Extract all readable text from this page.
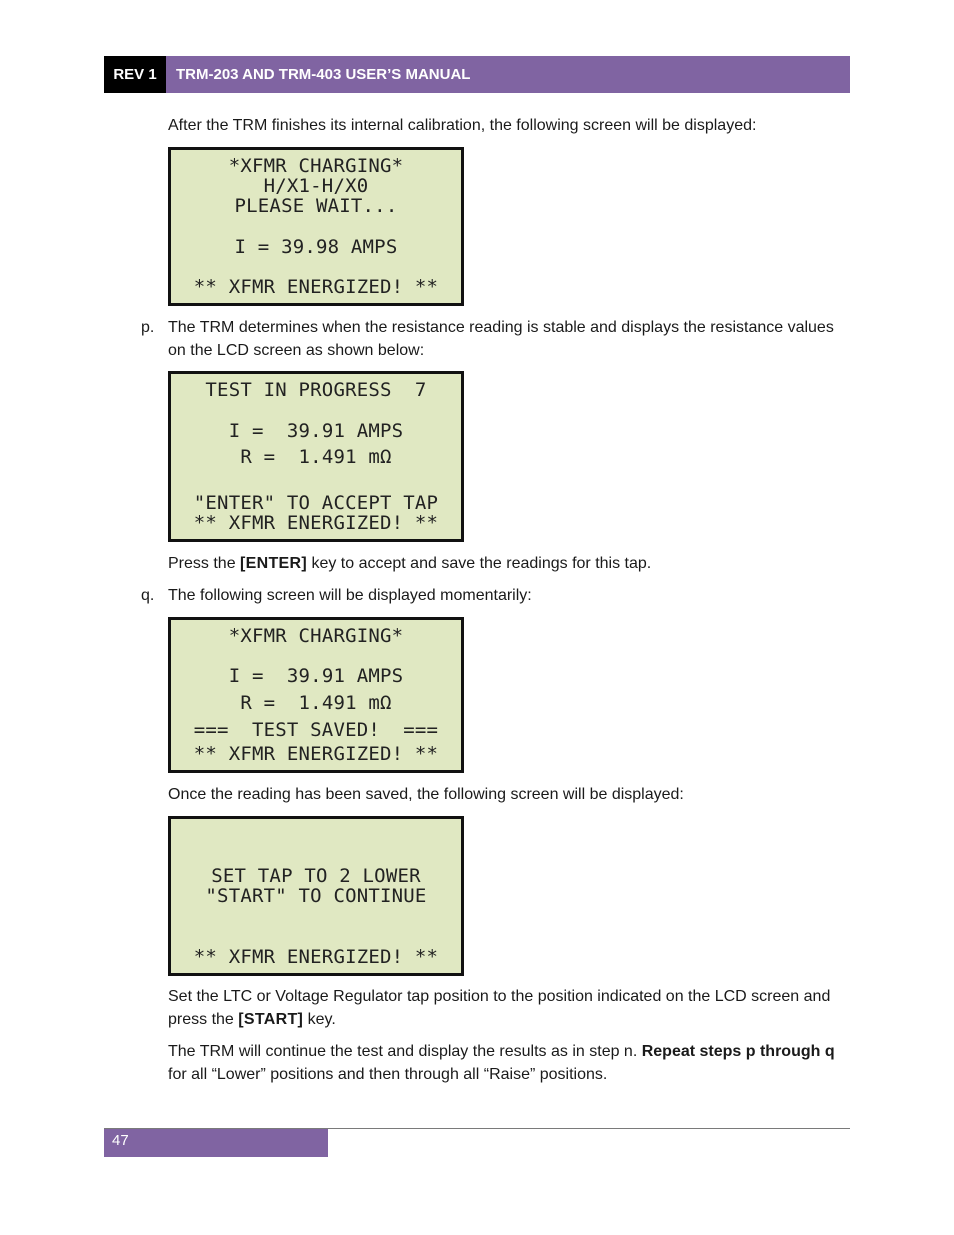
REV 1	TRM-203 AND TRM-403 USER’S MANUAL

After the TRM finishes its internal calibration, the following screen will be displayed:

*XFMR CHARGING*
H/X1-H/X0
PLEASE WAIT...
I = 39.98 AMPS
** XFMR ENERGIZED! **
p. The TRM determines when the resistance reading is stable and displays the resistance values on the LCD screen as shown below:
TEST IN PROGRESS  7
I =  39.91 AMPS
R =  1.491 mΩ
"ENTER" TO ACCEPT TAP
** XFMR ENERGIZED! **

Press the [ENTER] key to accept and save the readings for this tap.

q. The following screen will be displayed momentarily:
*XFMR CHARGING*
I =  39.91 AMPS
R =  1.491 mΩ
===  TEST SAVED!  ===
** XFMR ENERGIZED! **

Once the reading has been saved, the following screen will be displayed:

SET TAP TO 2 LOWER
"START" TO CONTINUE
** XFMR ENERGIZED! **

Set the LTC or Voltage Regulator tap position to the position indicated on the LCD screen and press the [START] key.

The TRM will continue the test and display the results as in step n. Repeat steps p through q for all “Lower” positions and then through all “Raise” positions.

47
